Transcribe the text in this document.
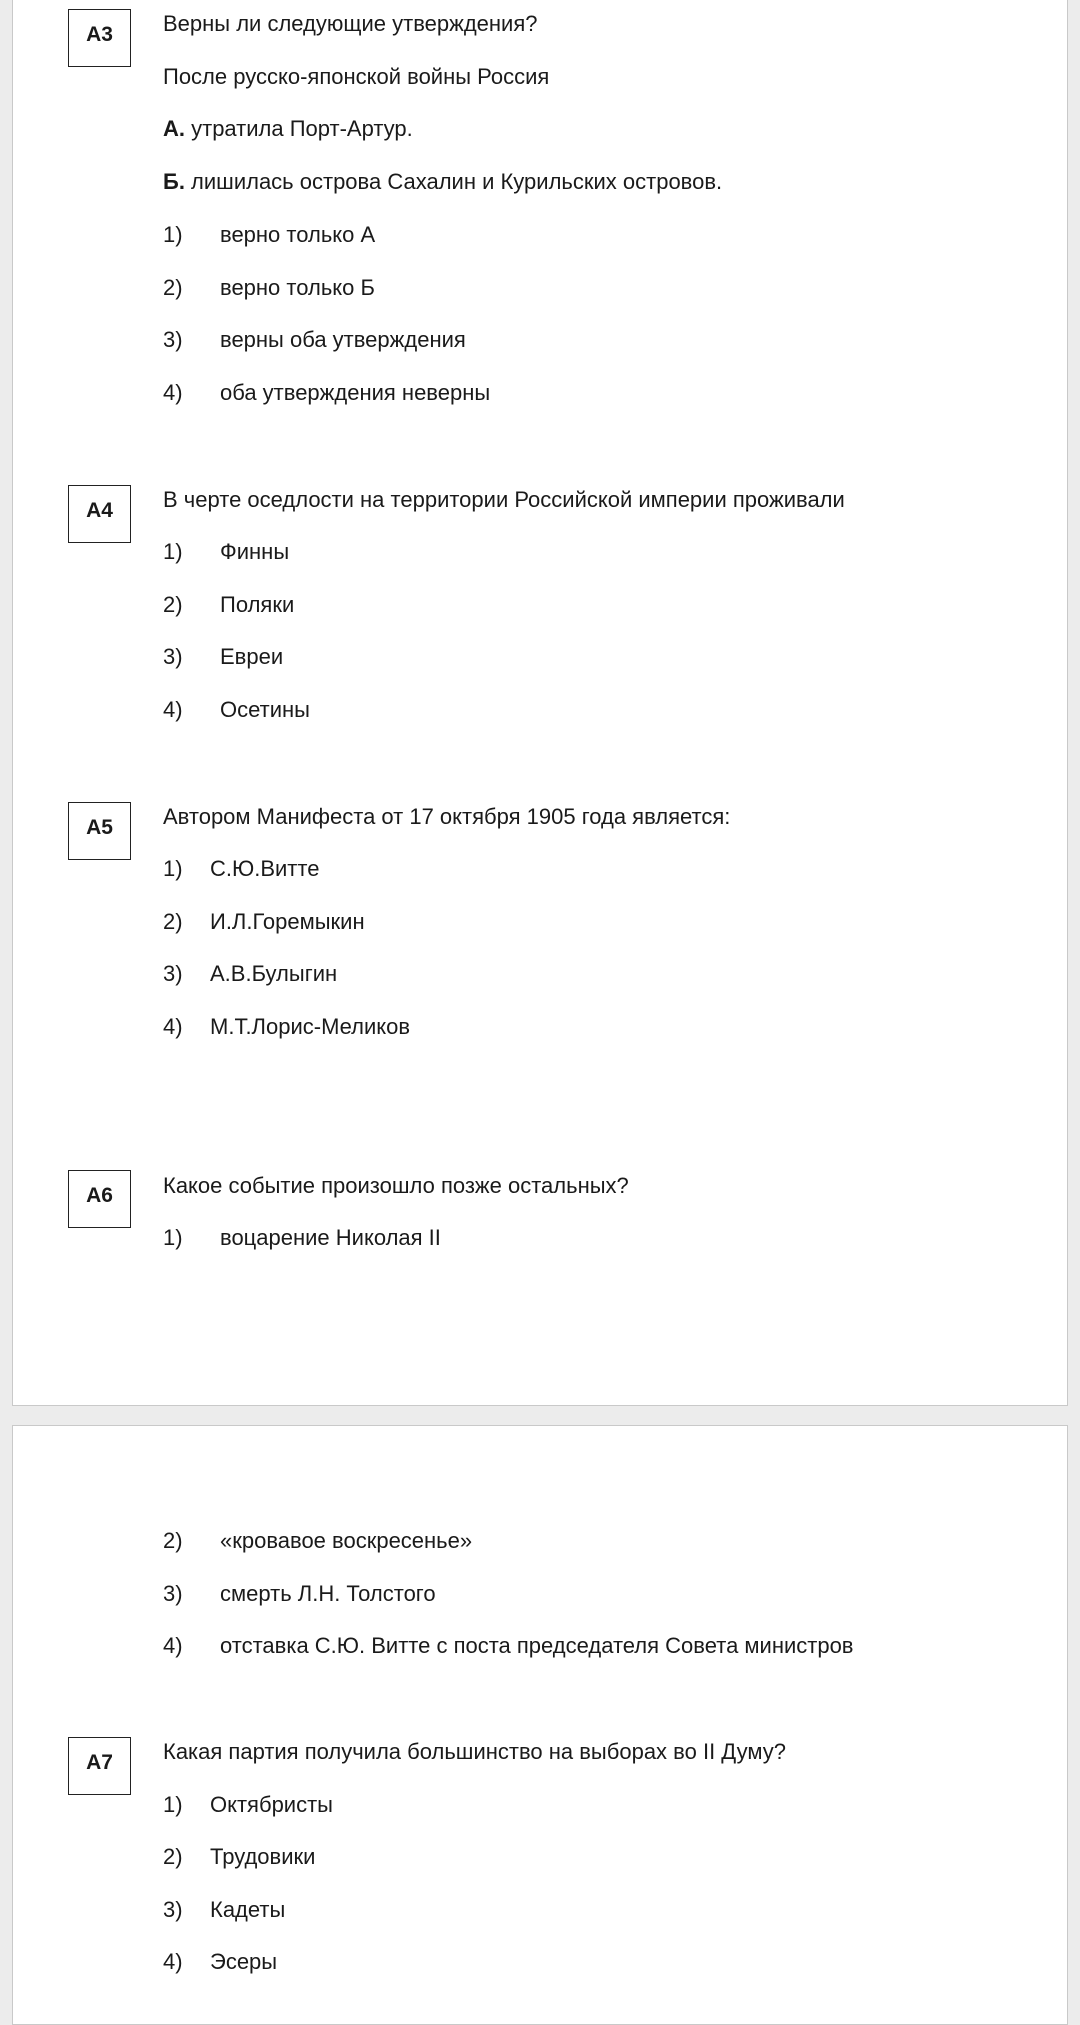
А3	Верны ли следующие утверждения?
После русско-японской войны Россия
А. утратила Порт-Артур.
Б. лишилась острова Сахалин и Курильских островов.
1) верно только А
2) верно только Б
3) верны оба утверждения
4) оба утверждения неверны
А4	В черте оседлости на территории Российской империи проживали
1) Финны
2) Поляки
3) Евреи
4) Осетины
А5	Автором Манифеста от 17 октября 1905 года является:
1) С.Ю.Витте
2) И.Л.Горемыкин
3) А.В.Булыгин
4) М.Т.Лорис-Меликов
А6	Какое событие произошло позже остальных?
1) воцарение Николая II
2) «кровавое воскресенье»
3) смерть Л.Н. Толстого
4) отставка С.Ю. Витте с поста председателя Совета министров
А7	Какая партия получила большинство на выборах во II Думу?
1) Октябристы
2) Трудовики
3) Кадеты
4) Эсеры
